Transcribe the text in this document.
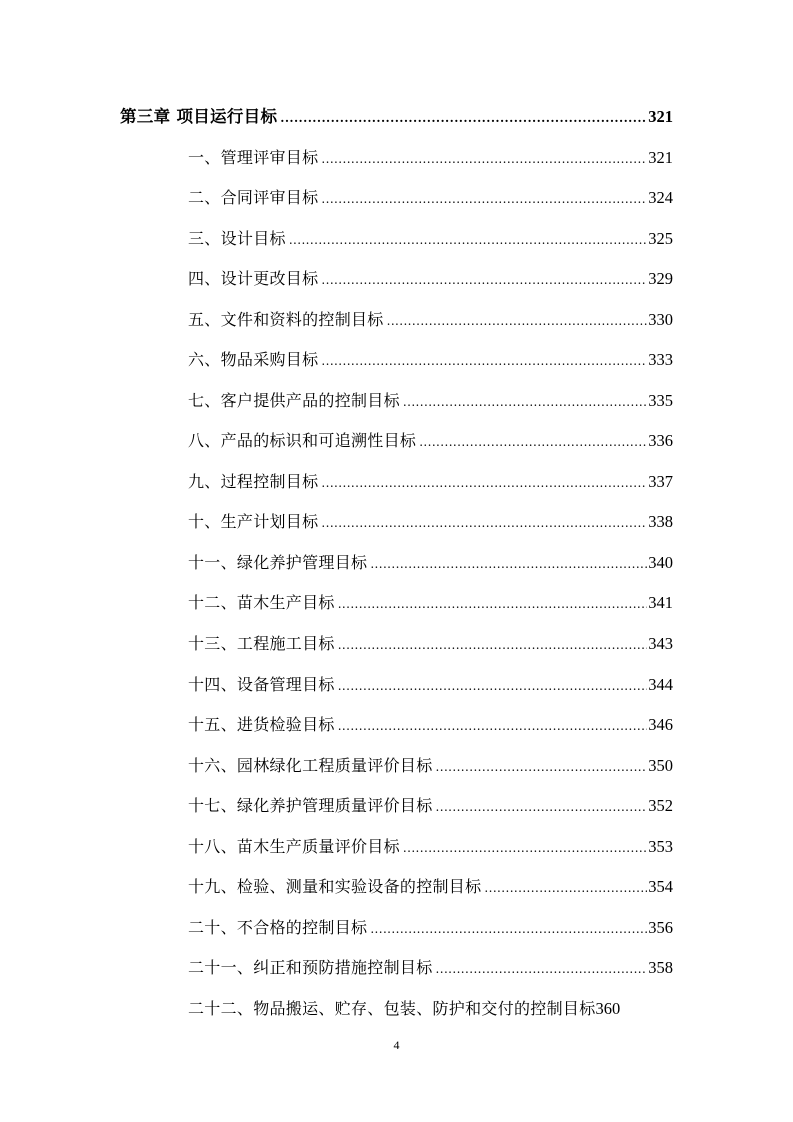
第三章 项目运行目标 .....	321
一、管理评审目标 .....	321
二、合同评审目标 .....	324
三、设计目标 .....	325
四、设计更改目标 .....	329
五、文件和资料的控制目标 .....	330
六、物品采购目标 .....	333
七、客户提供产品的控制目标 .....	335
八、产品的标识和可追溯性目标 .....	336
九、过程控制目标 .....	337
十、生产计划目标 .....	338
十一、绿化养护管理目标 .....	340
十二、苗木生产目标 .....	341
十三、工程施工目标 .....	343
十四、设备管理目标 .....	344
十五、进货检验目标 .....	346
十六、园林绿化工程质量评价目标 .....	350
十七、绿化养护管理质量评价目标 .....	352
十八、苗木生产质量评价目标 .....	353
十九、检验、测量和实验设备的控制目标 .....	354
二十、不合格的控制目标 .....	356
二十一、纠正和预防措施控制目标 .....	358
二十二、物品搬运、贮存、包装、防护和交付的控制目标 360
4
